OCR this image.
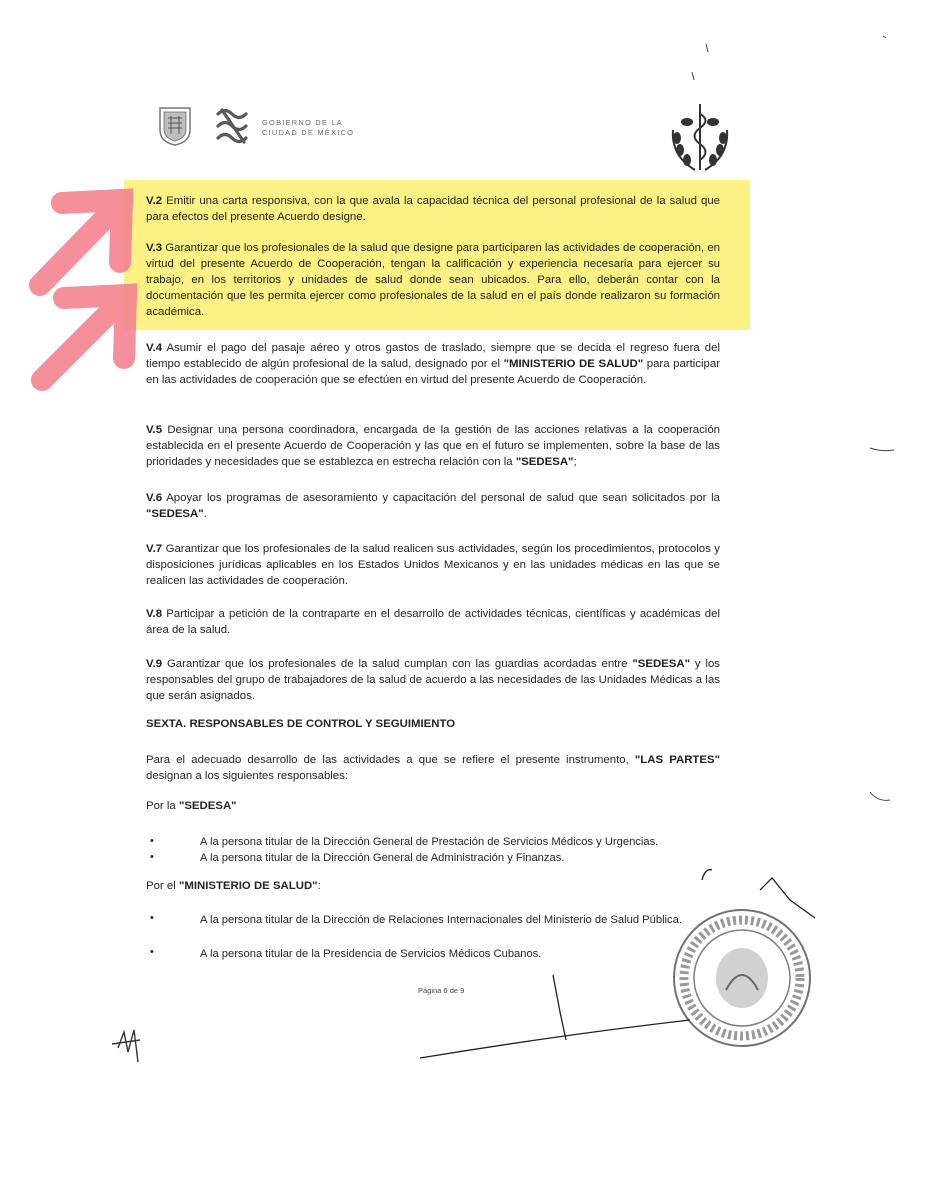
GOBIERNO DE LA
CIUDAD DE MÉXICO

V.2 Emitir una carta responsiva, con la que avala la capacidad técnica del personal profesional de la salud que para efectos del presente Acuerdo designe.

V.3 Garantizar que los profesionales de la salud que designe para participaren las actividades de cooperación, en virtud del presente Acuerdo de Cooperación, tengan la calificación y experiencia necesaria para ejercer su trabajo, en los territorios y unidades de salud donde sean ubicados. Para ello, deberán contar con la documentación que les permita ejercer como profesionales de la salud en el país donde realizaron su formación académica.

V.4 Asumir el pago del pasaje aéreo y otros gastos de traslado, siempre que se decida el regreso fuera del tiempo establecido de algún profesional de la salud, designado por el "MINISTERIO DE SALUD" para participar en las actividades de cooperación que se efectúen en virtud del presente Acuerdo de Cooperación.

V.5 Designar una persona coordinadora, encargada de la gestión de las acciones relativas a la cooperación establecida en el presente Acuerdo de Cooperación y las que en el futuro se implementen, sobre la base de las prioridades y necesidades que se establezca en estrecha relación con la "SEDESA";

V.6 Apoyar los programas de asesoramiento y capacitación del personal de salud que sean solicitados por la "SEDESA".

V.7 Garantizar que los profesionales de la salud realicen sus actividades, según los procedimientos, protocolos y disposiciones jurídicas aplicables en los Estados Unidos Mexicanos y en las unidades médicas en las que se realicen las actividades de cooperación.

V.8 Participar a petición de la contraparte en el desarrollo de actividades técnicas, científicas y académicas del área de la salud.

V.9 Garantizar que los profesionales de la salud cumplan con las guardias acordadas entre "SEDESA" y los responsables del grupo de trabajadores de la salud de acuerdo a las necesidades de las Unidades Médicas a las que serán asignados.

SEXTA. RESPONSABLES DE CONTROL Y SEGUIMIENTO

Para el adecuado desarrollo de las actividades a que se refiere el presente instrumento, "LAS PARTES" designan a los siguientes responsables:

Por la "SEDESA"

•	A la persona titular de la Dirección General de Prestación de Servicios Médicos y Urgencias.

•	A la persona titular de la Dirección General de Administración y Finanzas.

Por el "MINISTERIO DE SALUD":

•	A la persona titular de la Dirección de Relaciones Internacionales del Ministerio de Salud Pública.

•	A la persona titular de la Presidencia de Servicios Médicos Cubanos.

Página 6 de 9
